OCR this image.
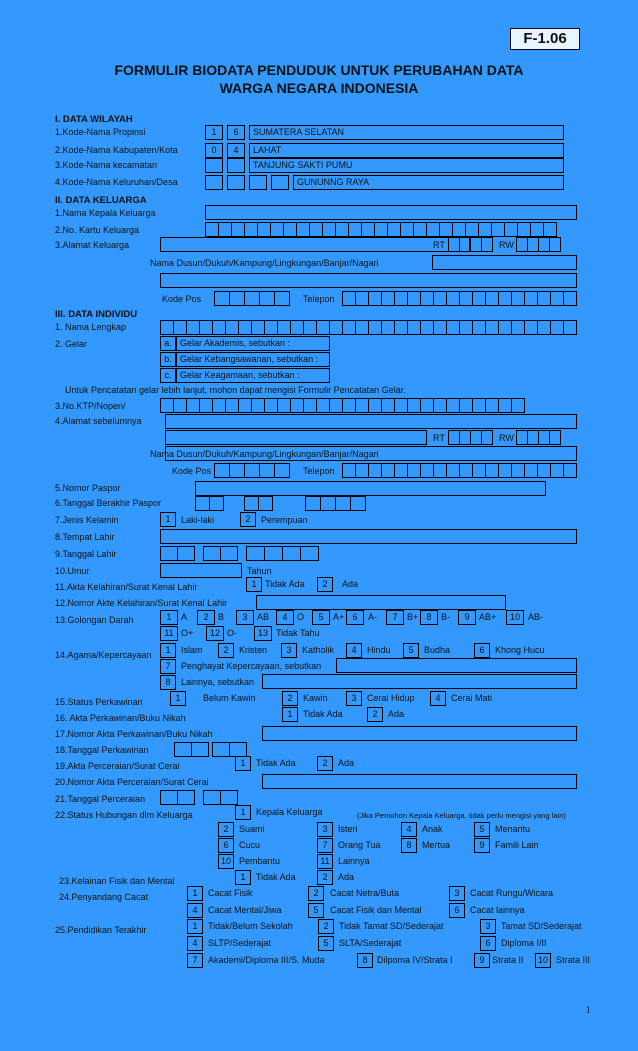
F-1.06
FORMULIR BIODATA PENDUDUK UNTUK PERUBAHAN DATA
WARGA NEGARA INDONESIA
I. DATA WILAYAH
1.Kode-Nama Propinsi	1	6	SUMATERA SELATAN
2.Kode-Nama Kabupaten/Kota	0	4	LAHAT
3.Kode-Nama kecamatan	TANJUNG SAKTI PUMU
4.Kode-Nama Keluruhan/Desa	GUNUNNG RAYA
II. DATA KELUARGA
1.Nama Kepala Keluarga
2.No. Kartu Keluarga
3.Alamat Keluarga	RT	RW
Nama Dusun/Dukuh/Kampung/Lingkungan/Banjar/Nagari
Kode Pos	Telepon
III. DATA INDIVIDU
1. Nama Lengkap
2. Gelar	a. Gelar Akademis, sebutkan :
b. Gelar Kebangsawanan, sebutkan :
c. Gelar Keagamaan, sebutkan :
Untuk Pencatatan gelar lebih lanjut, mohon dapat mengisi Formulir Pencatatan Gelar.
3.No.KTP/Nopen/
4.Alamat sebelumnya
RT	RW
Nama Dusun/Dukuh/Kampung/Lingkungan/Banjar/Nagari
Kode Pos	Telepon
5.Nomor Paspor
6.Tanggal Berakhir Paspor
7.Jenis Kelamin	1	Laki-laki	2	Perempuan
8.Tempat Lahir
9.Tanggal Lahir
10.Umur	Tahun
11.Akta Kelahiran/Surat Kenal Lahir	1 Tidak Ada	2	Ada
12.Nomor Akte Kelahiran/Surat Kenal Lahir
13.Golongan Darah	1	A	2	B	3	AB	4	O	5	A+ 6	A-	7	B+ 8	B-	9	AB+	10 AB-
11 O+	12 O-	13 Tidak Tahu
14.Agama/Kepercayaan	1	Islam	2	Kristen	3	Katholik	4	Hindu	5	Budha	6	Khong Hucu
7	Penghayat Kepercayaan, sebutkan
8	Lainnya, sebutkan
15.Status Perkawinan	1	Belum Kawin	2	Kawin	3	Cerai Hidup	4	Cerai Mati
16. Akta Perkawinan/Buku Nikah	1	Tidak Ada	2	Ada
17.Nomor Akta Perkawinan/Buku Nikah
18.Tanggal Perkawinan
19.Akta Perceraian/Surat Cerai	1	Tidak Ada	2	Ada
20.Nomor Akta Perceraian/Surat Cerai
21.Tanggal Perceraian
22.Status Hubungan dlm Keluarga	(Jika Pemohon Kepala Keluarga, tidak perlu mengisi yang lain)
1	Kepala Keluarga
2	Suami	3	Isteri	4	Anak	5	Menantu
6	Cucu	7	Orang Tua	8	Mertua	9	Famili Lain
10 Pembantu	11 Lainnya
23.Kelainan Fisik dan Mental	1	Tidak Ada	2	Ada
24.Penyandang Cacat	1	Cacat Fisik	2	Cacat Netra/Buta	3	Cacat Rungu/Wicara
4	Cacat Mental/Jiwa	5	Cacat Fisik dan Mental	6	Cacat lainnya
25.Pendidikan Terakhir	1	Tidak/Belum Sekolah	2	Tidak Tamat SD/Sederajat	3	Tamat SD/Sederajat
4	SLTP/Sederajat	5	SLTA/Sederajat	6	Diploma I/II
7	Akademi/Diploma III/S. Muda	8	Dilpoma IV/Strata I	9 Strata II	10 Strata III
1
